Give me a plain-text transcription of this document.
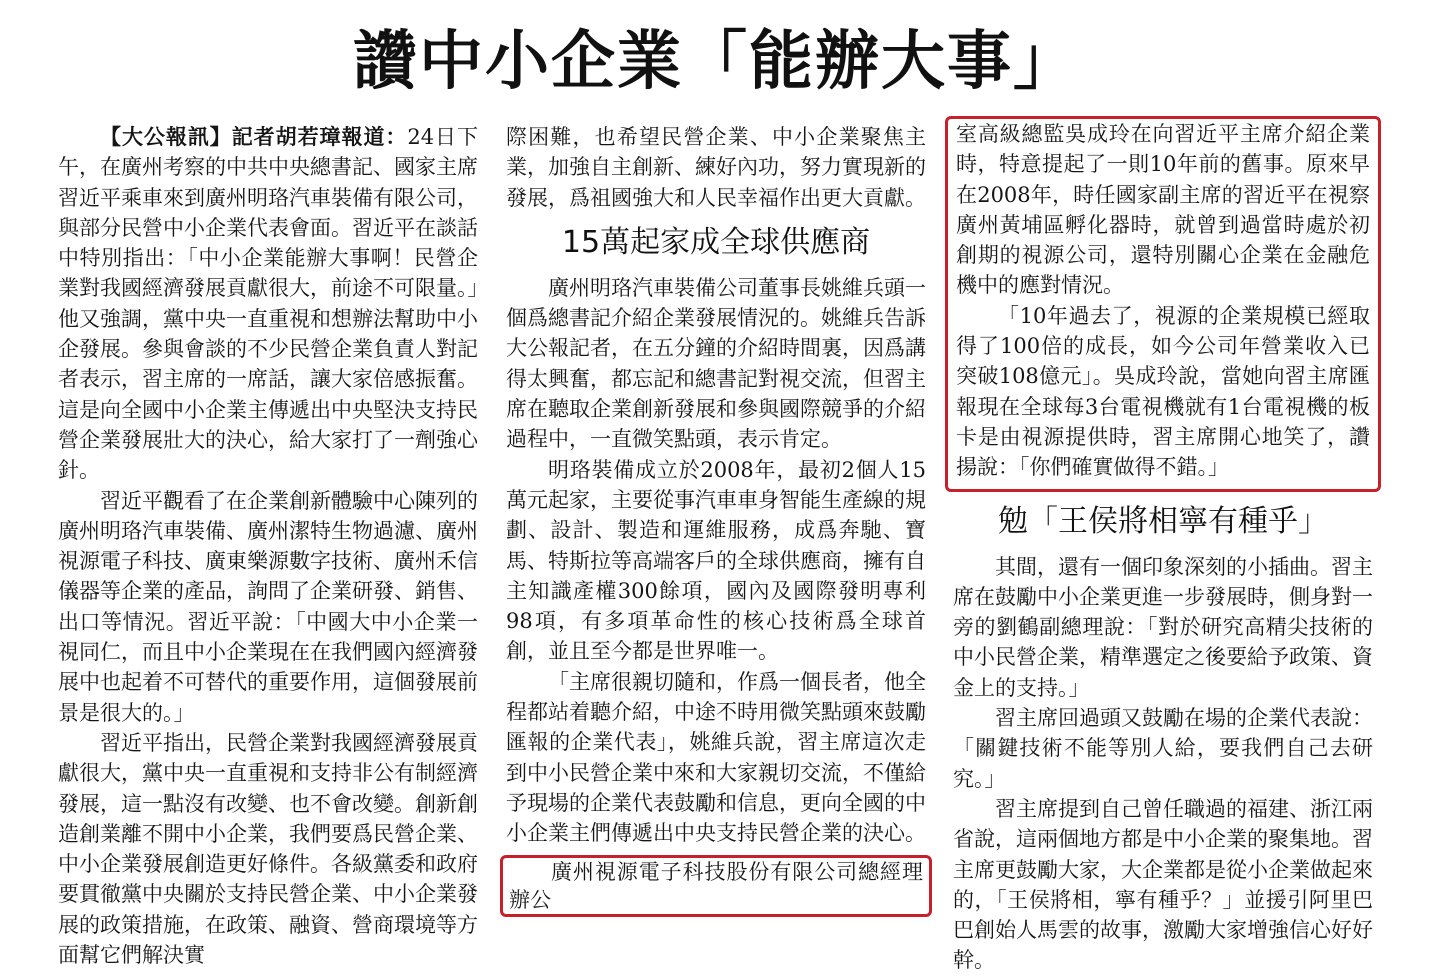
讚中小企業「能辦大事」

【大公報訊】記者胡若璋報道：24日下午，在廣州考察的中共中央總書記、國家主席習近平乘車來到廣州明珞汽車裝備有限公司，與部分民營中小企業代表會面。習近平在談話中特別指出：「中小企業能辦大事啊！民營企業對我國經濟發展貢獻很大，前途不可限量。」他又強調，黨中央一直重視和想辦法幫助中小企發展。參與會談的不少民營企業負責人對記者表示，習主席的一席話，讓大家倍感振奮。這是向全國中小企業主傳遞出中央堅決支持民營企業發展壯大的決心，給大家打了一劑強心針。

習近平觀看了在企業創新體驗中心陳列的廣州明珞汽車裝備、廣州潔特生物過濾、廣州視源電子科技、廣東樂源數字技術、廣州禾信儀器等企業的產品，詢問了企業研發、銷售、出口等情況。習近平說：「中國大中小企業一視同仁，而且中小企業現在在我們國內經濟發展中也起着不可替代的重要作用，這個發展前景是很大的。」

習近平指出，民營企業對我國經濟發展貢獻很大，黨中央一直重視和支持非公有制經濟發展，這一點沒有改變、也不會改變。創新創造創業離不開中小企業，我們要爲民營企業、中小企業發展創造更好條件。各級黨委和政府要貫徹黨中央關於支持民營企業、中小企業發展的政策措施，在政策、融資、營商環境等方面幫它們解決實

際困難，也希望民營企業、中小企業聚焦主業，加強自主創新、練好內功，努力實現新的發展，爲祖國強大和人民幸福作出更大貢獻。

15萬起家成全球供應商

廣州明珞汽車裝備公司董事長姚維兵頭一個爲總書記介紹企業發展情況的。姚維兵告訴大公報記者，在五分鐘的介紹時間裏，因爲講得太興奮，都忘記和總書記對視交流，但習主席在聽取企業創新發展和參與國際競爭的介紹過程中，一直微笑點頭，表示肯定。

明珞裝備成立於2008年，最初2個人15萬元起家，主要從事汽車車身智能生產線的規劃、設計、製造和運維服務，成爲奔馳、寶馬、特斯拉等高端客戶的全球供應商，擁有自主知識產權300餘項，國內及國際發明專利98項，有多項革命性的核心技術爲全球首創，並且至今都是世界唯一。

「主席很親切隨和，作爲一個長者，他全程都站着聽介紹，中途不時用微笑點頭來鼓勵匯報的企業代表」，姚維兵說，習主席這次走到中小民營企業中來和大家親切交流，不僅給予現場的企業代表鼓勵和信息，更向全國的中小企業主們傳遞出中央支持民營企業的決心。

廣州視源電子科技股份有限公司總經理辦公

室高級總監吳成玲在向習近平主席介紹企業時，特意提起了一則10年前的舊事。原來早在2008年，時任國家副主席的習近平在視察廣州黃埔區孵化器時，就曾到過當時處於初創期的視源公司，還特別關心企業在金融危機中的應對情況。

「10年過去了，視源的企業規模已經取得了100倍的成長，如今公司年營業收入已突破108億元」。吳成玲說，當她向習主席匯報現在全球每3台電視機就有1台電視機的板卡是由視源提供時，習主席開心地笑了，讚揚說：「你們確實做得不錯。」

勉「王侯將相寧有種乎」

其間，還有一個印象深刻的小插曲。習主席在鼓勵中小企業更進一步發展時，側身對一旁的劉鶴副總理說：「對於研究高精尖技術的中小民營企業，精準選定之後要給予政策、資金上的支持。」

習主席回過頭又鼓勵在場的企業代表說：「關鍵技術不能等別人給，要我們自己去研究。」

習主席提到自己曾任職過的福建、浙江兩省說，這兩個地方都是中小企業的聚集地。習主席更鼓勵大家，大企業都是從小企業做起來的，「王侯將相，寧有種乎？」並援引阿里巴巴創始人馬雲的故事，激勵大家增強信心好好幹。
